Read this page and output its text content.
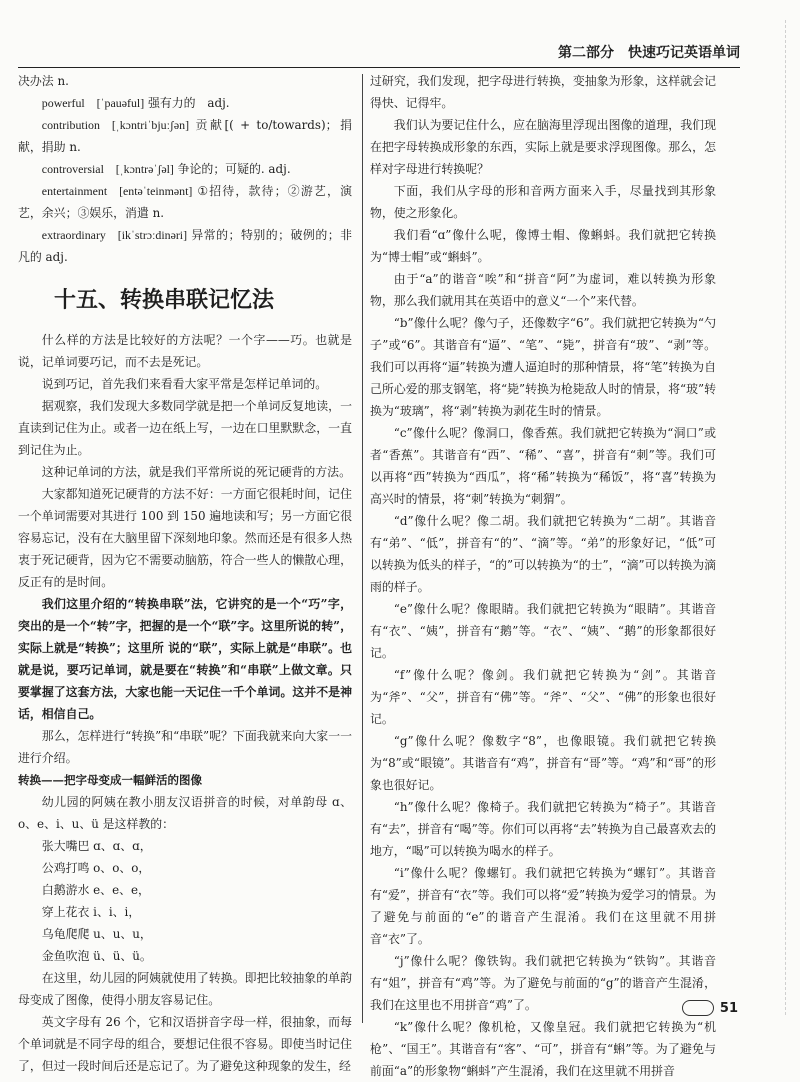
第二部分　快速巧记英语单词

决办法 n.

powerful  [ˈpauəful] 强有力的　adj.

contribution  [ˌkɔntriˈbjuːʃən] 贡献[( + to/towards)；捐献，捐助 n.

controversial  [ˌkɔntrəˈʃəl] 争论的；可疑的. adj.

entertainment  [entəˈteinmənt] ①招待，款待；②游艺，演艺，余兴；③娱乐，消遣 n.

extraordinary  [ikˈstrɔːdinəri] 异常的；特别的；破例的；非凡的 adj.

十五、转换串联记忆法

什么样的方法是比较好的方法呢？一个字——巧。也就是说，记单词要巧记，而不去是死记。

说到巧记，首先我们来看看大家平常是怎样记单词的。

据观察，我们发现大多数同学就是把一个单词反复地读，一直读到记住为止。或者一边在纸上写，一边在口里默默念，一直到记住为止。

这种记单词的方法，就是我们平常所说的死记硬背的方法。

大家都知道死记硬背的方法不好：一方面它很耗时间，记住一个单词需要对其进行 100 到 150 遍地读和写；另一方面它很容易忘记，没有在大脑里留下深刻地印象。然而还是有很多人热衷于死记硬背，因为它不需要动脑筋，符合一些人的懒散心理，反正有的是时间。

我们这里介绍的“转换串联”法，它讲究的是一个“巧”字，突出的是一个“转”字，把握的是一个“联”字。这里所说的转”，实际上就是“转换”；这里所 说的“联”，实际上就是“串联”。也就是说，要巧记单词，就是要在“转换”和“串联”上做文章。只要掌握了这套方法，大家也能一天记住一千个单词。这并不是神话，相信自己。

那么，怎样进行“转换”和“串联”呢？下面我就来向大家一一进行介绍。

转换——把字母变成一幅鲜活的图像

幼儿园的阿姨在教小朋友汉语拼音的时候，对单韵母 ɑ、o、e、i、u、ü 是这样教的：

张大嘴巴 ɑ、ɑ、ɑ，

公鸡打鸣 o、o、o，

白鹅游水 e、e、e，

穿上花衣 i、i、i，

乌龟爬爬 u、u、u，

金鱼吹泡 ü、ü、ü。

在这里，幼儿园的阿姨就使用了转换。即把比较抽象的单韵母变成了图像，使得小朋友容易记住。

英文字母有 26 个，它和汉语拼音字母一样，很抽象，而每个单词就是不同字母的组合，要想记住很不容易。即使当时记住了，但过一段时间后还是忘记了。为了避免这种现象的发生，经

过研究，我们发现，把字母进行转换，变抽象为形象，这样就会记得快、记得牢。

我们认为要记住什么，应在脑海里浮现出图像的道理，我们现在把字母转换成形象的东西，实际上就是要求浮现图像。那么，怎样对字母进行转换呢？

下面，我们从字母的形和音两方面来入手，尽量找到其形象物，使之形象化。

我们看“ɑ”像什么呢，像博士帽、像蝌蚪。我们就把它转换为“博士帽”或“蝌蚪”。

由于“a”的谐音“唉”和“拼音“阿”为虚词，难以转换为形象物，那么我们就用其在英语中的意义“一个”来代替。

“b”像什么呢？像勺子，还像数字“6”。我们就把它转换为“勺子”或“6”。其谐音有“逼”、“笔”、“毙”，拼音有“玻”、“剥”等。我们可以再将“逼”转换为遭人逼迫时的那种情景，将“笔”转换为自己所心爱的那支钢笔，将“毙”转换为枪毙敌人时的情景，将“玻”转换为“玻璃”，将“剥”转换为剥花生时的情景。

“c”像什么呢？像洞口，像香蕉。我们就把它转换为“洞口”或者“香蕉”。其谐音有“西”、“稀”、“喜”，拼音有“刺”等。我们可以再将“西”转换为“西瓜”，将“稀”转换为“稀饭”，将“喜”转换为高兴时的情景，将“刺”转换为“刺猬”。

“d”像什么呢？像二胡。我们就把它转换为“二胡”。其谐音有“弟”、“低”，拼音有“的”、“滴”等。“弟”的形象好记，“低”可以转换为低头的样子，“的”可以转换为“的士”，“滴”可以转换为滴雨的样子。

“e”像什么呢？像眼睛。我们就把它转换为“眼睛”。其谐音有“衣”、“姨”，拼音有“鹅”等。“衣”、“姨”、“鹅”的形象都很好记。

“f”像什么呢？像剑。我们就把它转换为“剑”。其谐音为“斧”、“父”，拼音有“佛”等。“斧”、“父”、“佛”的形象也很好记。

“g”像什么呢？像数字“8”，也像眼镜。我们就把它转换为“8”或“眼镜”。其谐音有“鸡”，拼音有“哥”等。“鸡”和“哥”的形象也很好记。

“h”像什么呢？像椅子。我们就把它转换为“椅子”。其谐音有“去”，拼音有“喝”等。你们可以再将“去”转换为自己最喜欢去的地方，“喝”可以转换为喝水的样子。

“i”像什么呢？像螺钉。我们就把它转换为“螺钉”。其谐音有“爱”，拼音有“衣”等。我们可以将“爱”转换为爱学习的情景。为了避免与前面的“e”的谐音产生混淆。我们在这里就不用拼音“衣”了。

“j”像什么呢？像铁钩。我们就把它转换为“铁钩”。其谐音有“姐”，拼音有“鸡”等。为了避免与前面的“g”的谐音产生混淆，我们在这里也不用拼音“鸡”了。

“k”像什么呢？像机枪，又像皇冠。我们就把它转换为“机枪”、“国王”。其谐音有“客”、“可”，拼音有“蝌”等。为了避免与前面“a”的形象物“蝌蚪”产生混淆，我们在这里就不用拼音

51
